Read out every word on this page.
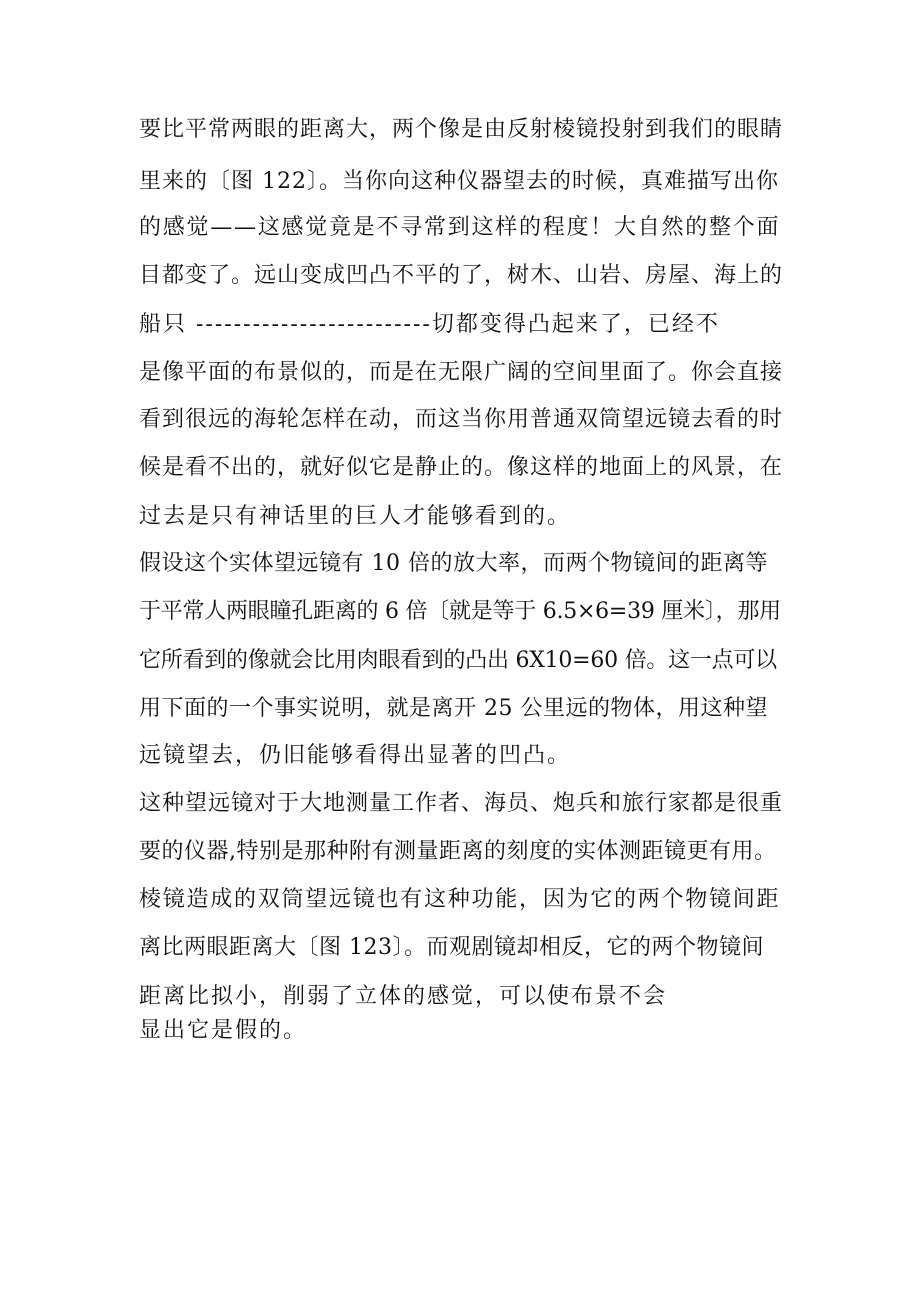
要比平常两眼的距离大，两个像是由反射棱镜投射到我们的眼睛
里来的〔图 122〕。当你向这种仪器望去的时候，真难描写出你
的感觉——这感觉竟是不寻常到这样的程度！大自然的整个面
目都变了。远山变成凹凸不平的了，树木、山岩、房屋、海上的
船只 -------------------------切都变得凸起来了，已经不
是像平面的布景似的，而是在无限广阔的空间里面了。你会直接
看到很远的海轮怎样在动，而这当你用普通双筒望远镜去看的时
候是看不出的，就好似它是静止的。像这样的地面上的风景，在
过去是只有神话里的巨人才能够看到的。
假设这个实体望远镜有 10 倍的放大率，而两个物镜间的距离等
于平常人两眼瞳孔距离的 6 倍〔就是等于 6.5×6=39 厘米〕，那用
它所看到的像就会比用肉眼看到的凸出 6X10=60 倍。这一点可以
用下面的一个事实说明，就是离开 25 公里远的物体，用这种望
远镜望去，仍旧能够看得出显著的凹凸。
这种望远镜对于大地测量工作者、海员、炮兵和旅行家都是很重
要的仪器,特别是那种附有测量距离的刻度的实体测距镜更有用。
棱镜造成的双筒望远镜也有这种功能，因为它的两个物镜间距
离比两眼距离大〔图 123〕。而观剧镜却相反，它的两个物镜间
距离比拟小，削弱了立体的感觉，可以使布景不会
显出它是假的。
